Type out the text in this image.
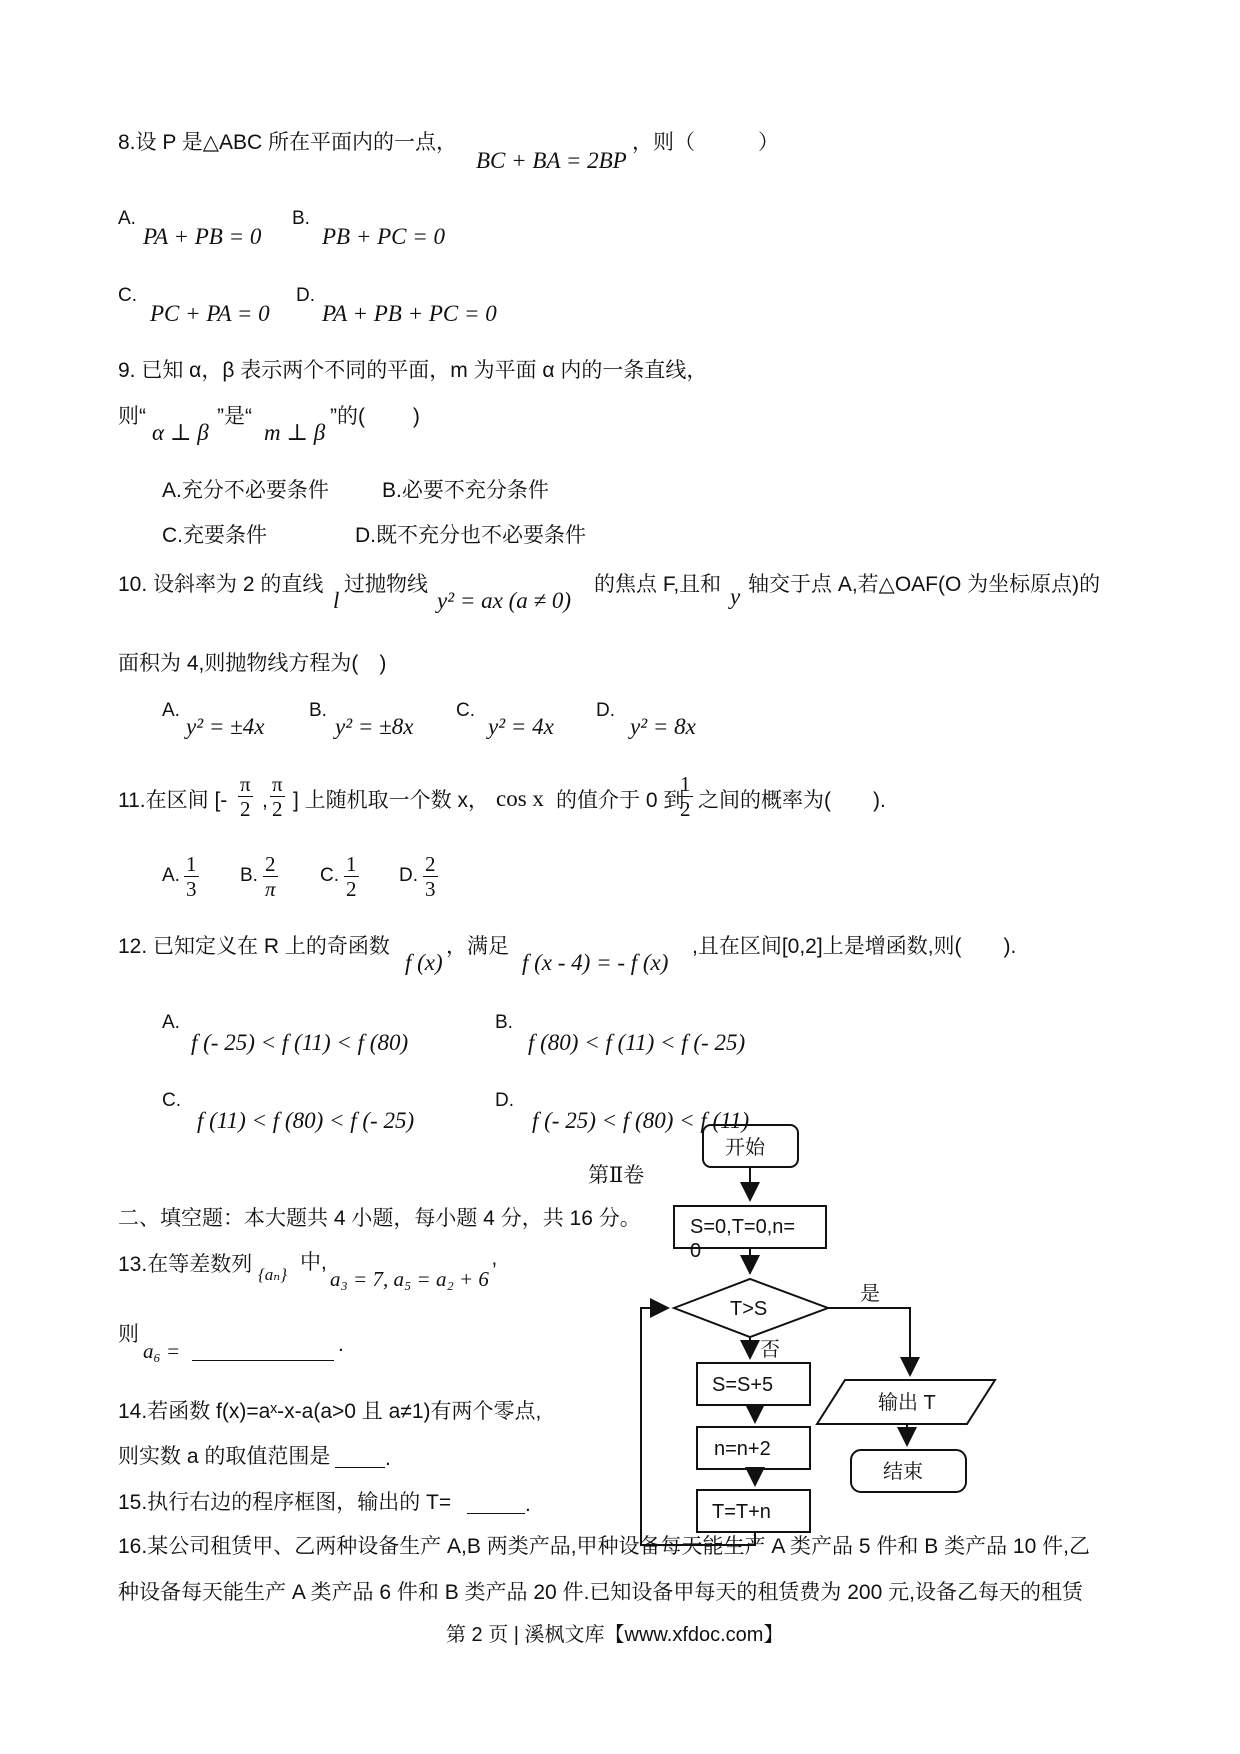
8.设 P 是△ABC 所在平面内的一点，
BC + BA = 2BP
，则（　　　）
A.
PA + PB = 0
B.
PB + PC = 0
C.
PC + PA = 0
D.
PA + PB + PC = 0
9. 已知 α，β 表示两个不同的平面，m 为平面 α 内的一条直线，
则“
α ⊥ β
”是“
m ⊥ β
”的(　　 )
A.充分不必要条件	B.必要不充分条件
C.充要条件	D.既不充分也不必要条件
10. 设斜率为 2 的直线
l
过抛物线
y² = ax (a ≠ 0)
的焦点 F,且和 y 轴交于点 A,若△OAF(O 为坐标原点)的
面积为 4,则抛物线方程为(　)
A.
y² = ±4x
B.
y² = ±8x
C.
y² = 4x
D.
y² = 8x
11.在区间 [- $\frac{\pi}{2}$ , $\frac{\pi}{2}$ ] 上随机取一个数 x， cos x 的值介于 0 到
$\frac{1}{2}$ 之间的概率为(　　).
A. $\frac{1}{3} B$. $\frac{2}{\pi} C$. $\frac{1}{2} D$. $\frac{2}{3}$
12. 已知定义在 R 上的奇函数
f (x)
，满足
f (x - 4) = - f (x)
,且在区间[0,2]上是增函数,则(　　).
A.
f (- 25) < f (11) < f (80)
B.
f (80) < f (11) < f (- 25)
C.
f (11) < f (80) < f (- 25)
D.
f (- 25) < f (80) < f (11)
第Ⅱ卷
二、填空题：本大题共 4 小题，每小题 4 分，共 16 分。
13.在等差数列 {aₙ}
中,
a₃ = 7, a₅ = a₂ + 6 ’
则
a₆ =	.
14.若函数 f(x)=aˣ-x-a(a>0 且 a≠1)有两个零点,
则实数 a 的取值范围是	.
15.执行右边的程序框图，输出的 T=	.
开始
S=0,T=0,n=
0
T>S
是
否
S=S+5
n=n+2
T=T+n
输出 T
结束
16.某公司租赁甲、乙两种设备生产 A,B 两类产品,甲种设备每天能生产 A 类产品 5 件和 B 类产品 10 件,乙
种设备每天能生产 A 类产品 6 件和 B 类产品 20 件.已知设备甲每天的租赁费为 200 元,设备乙每天的租赁
第 2 页 | 溪枫文库【www.xfdoc.com】
